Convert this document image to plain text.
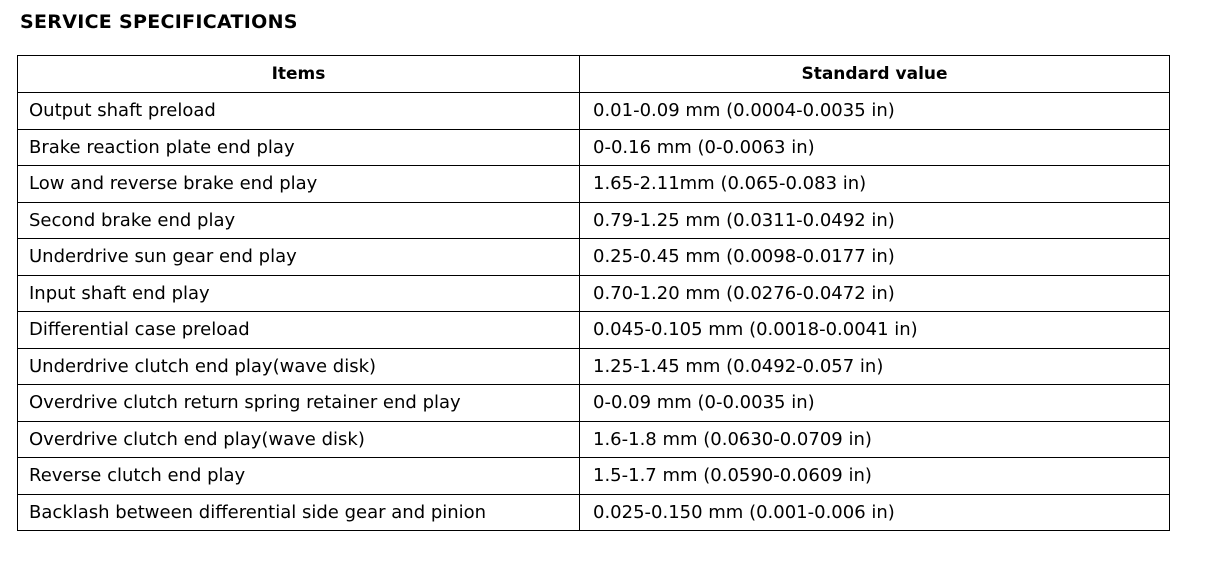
SERVICE SPECIFICATIONS
Items	Standard value
Output shaft preload	0.01-0.09 mm (0.0004-0.0035 in)
Brake reaction plate end play	0-0.16 mm (0-0.0063 in)
Low and reverse brake end play	1.65-2.11mm (0.065-0.083 in)
Second brake end play	0.79-1.25 mm (0.0311-0.0492 in)
Underdrive sun gear end play	0.25-0.45 mm (0.0098-0.0177 in)
Input shaft end play	0.70-1.20 mm (0.0276-0.0472 in)
Differential case preload	0.045-0.105 mm (0.0018-0.0041 in)
Underdrive clutch end play(wave disk)	1.25-1.45 mm (0.0492-0.057 in)
Overdrive clutch return spring retainer end play	0-0.09 mm (0-0.0035 in)
Overdrive clutch end play(wave disk)	1.6-1.8 mm (0.0630-0.0709 in)
Reverse clutch end play	1.5-1.7 mm (0.0590-0.0609 in)
Backlash between differential side gear and pinion	0.025-0.150 mm (0.001-0.006 in)
